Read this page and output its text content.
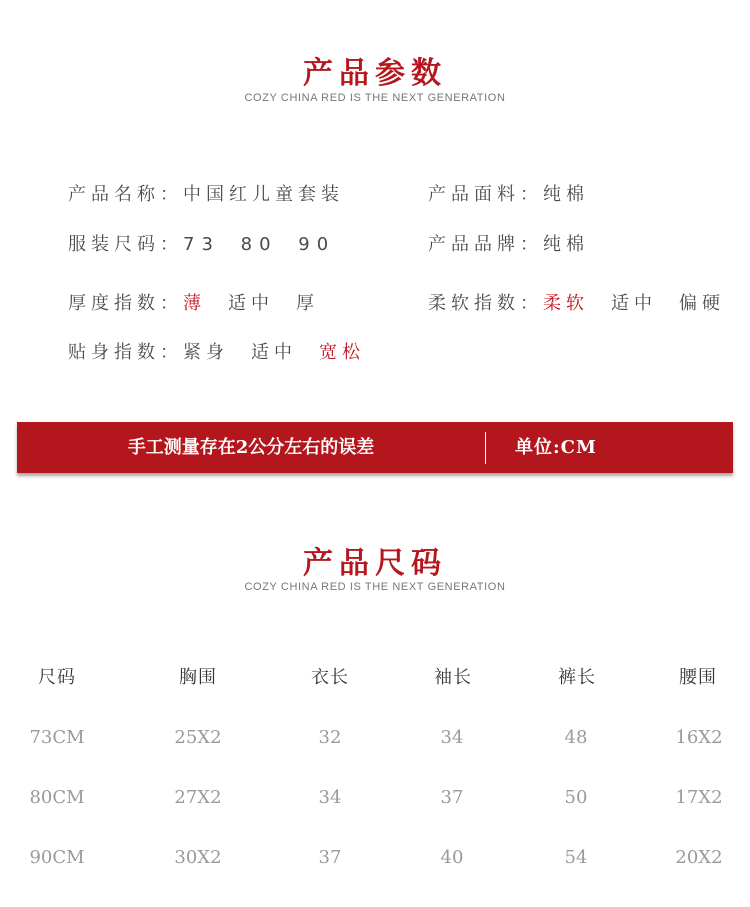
产品参数
COZY CHINA RED IS THE NEXT GENERATION
产品名称：中国红儿童套装	产品面料：纯棉
服装尺码：73 80 90	产品品牌：纯棉
厚度指数：薄 适中 厚	柔软指数：柔软 适中 偏硬
贴身指数：紧身 适中 宽松
手工测量存在2公分左右的误差	单位:CM
产品尺码
COZY CHINA RED IS THE NEXT GENERATION
尺码	胸围	衣长	袖长	裤长	腰围
73CM	25X2	32	34	48	16X2
80CM	27X2	34	37	50	17X2
90CM	30X2	37	40	54	20X2
